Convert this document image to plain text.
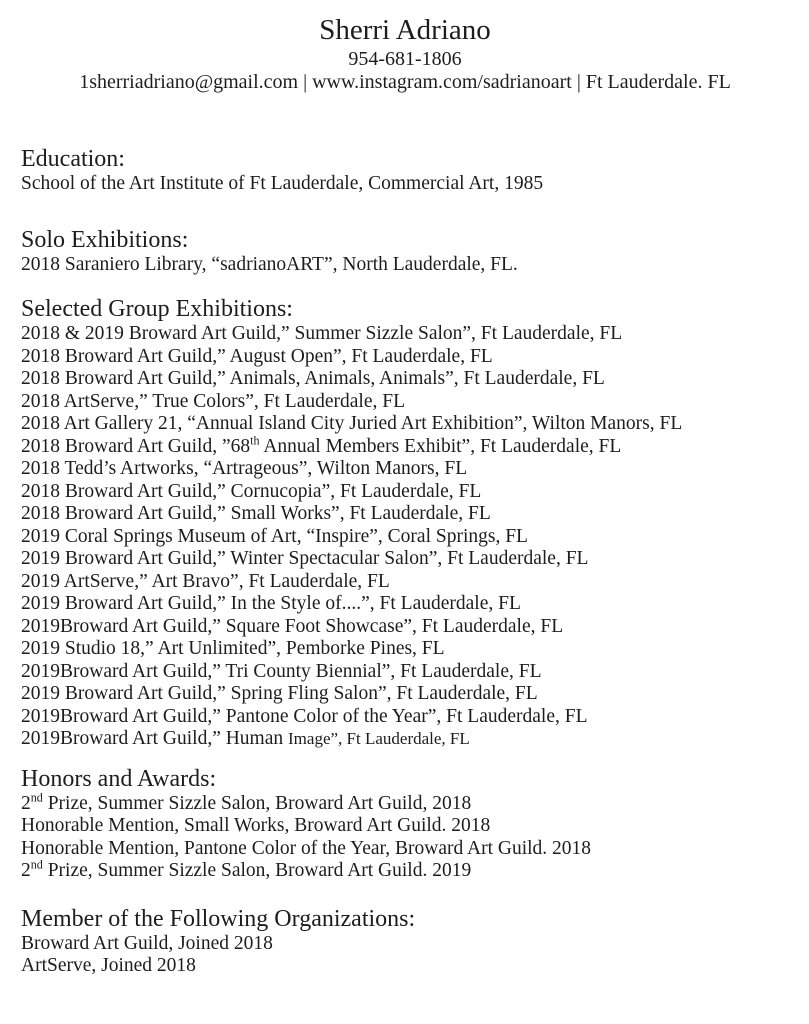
Sherri Adriano

954-681-1806

1sherriadriano@gmail.com | www.instagram.com/sadrianoart | Ft Lauderdale. FL

Education:

School of the Art Institute of Ft Lauderdale, Commercial Art, 1985

Solo Exhibitions:

2018 Saraniero Library, “sadrianoART”, North Lauderdale, FL.

Selected Group Exhibitions:

2018 & 2019 Broward Art Guild,” Summer Sizzle Salon”, Ft Lauderdale, FL

2018 Broward Art Guild,” August Open”, Ft Lauderdale, FL

2018 Broward Art Guild,” Animals, Animals, Animals”, Ft Lauderdale, FL

2018 ArtServe,” True Colors”, Ft Lauderdale, FL

2018 Art Gallery 21, “Annual Island City Juried Art Exhibition”, Wilton Manors, FL

2018 Broward Art Guild, ”68th Annual Members Exhibit”, Ft Lauderdale, FL

2018 Tedd’s Artworks, “Artrageous”, Wilton Manors, FL

2018 Broward Art Guild,” Cornucopia”, Ft Lauderdale, FL

2018 Broward Art Guild,” Small Works”, Ft Lauderdale, FL

2019 Coral Springs Museum of Art, “Inspire”, Coral Springs, FL

2019 Broward Art Guild,” Winter Spectacular Salon”, Ft Lauderdale, FL

2019 ArtServe,” Art Bravo”, Ft Lauderdale, FL

2019 Broward Art Guild,” In the Style of....”, Ft Lauderdale, FL

2019Broward Art Guild,” Square Foot Showcase”, Ft Lauderdale, FL

2019 Studio 18,” Art Unlimited”, Pemborke Pines, FL

2019Broward Art Guild,” Tri County Biennial”, Ft Lauderdale, FL

2019 Broward Art Guild,” Spring Fling Salon”, Ft Lauderdale, FL

2019Broward Art Guild,” Pantone Color of the Year”, Ft Lauderdale, FL

2019Broward Art Guild,” Human Image”, Ft Lauderdale, FL

Honors and Awards:

2nd Prize, Summer Sizzle Salon, Broward Art Guild, 2018

Honorable Mention, Small Works, Broward Art Guild. 2018

Honorable Mention, Pantone Color of the Year, Broward Art Guild. 2018

2nd Prize, Summer Sizzle Salon, Broward Art Guild. 2019

Member of the Following Organizations:

Broward Art Guild, Joined 2018

ArtServe, Joined 2018
